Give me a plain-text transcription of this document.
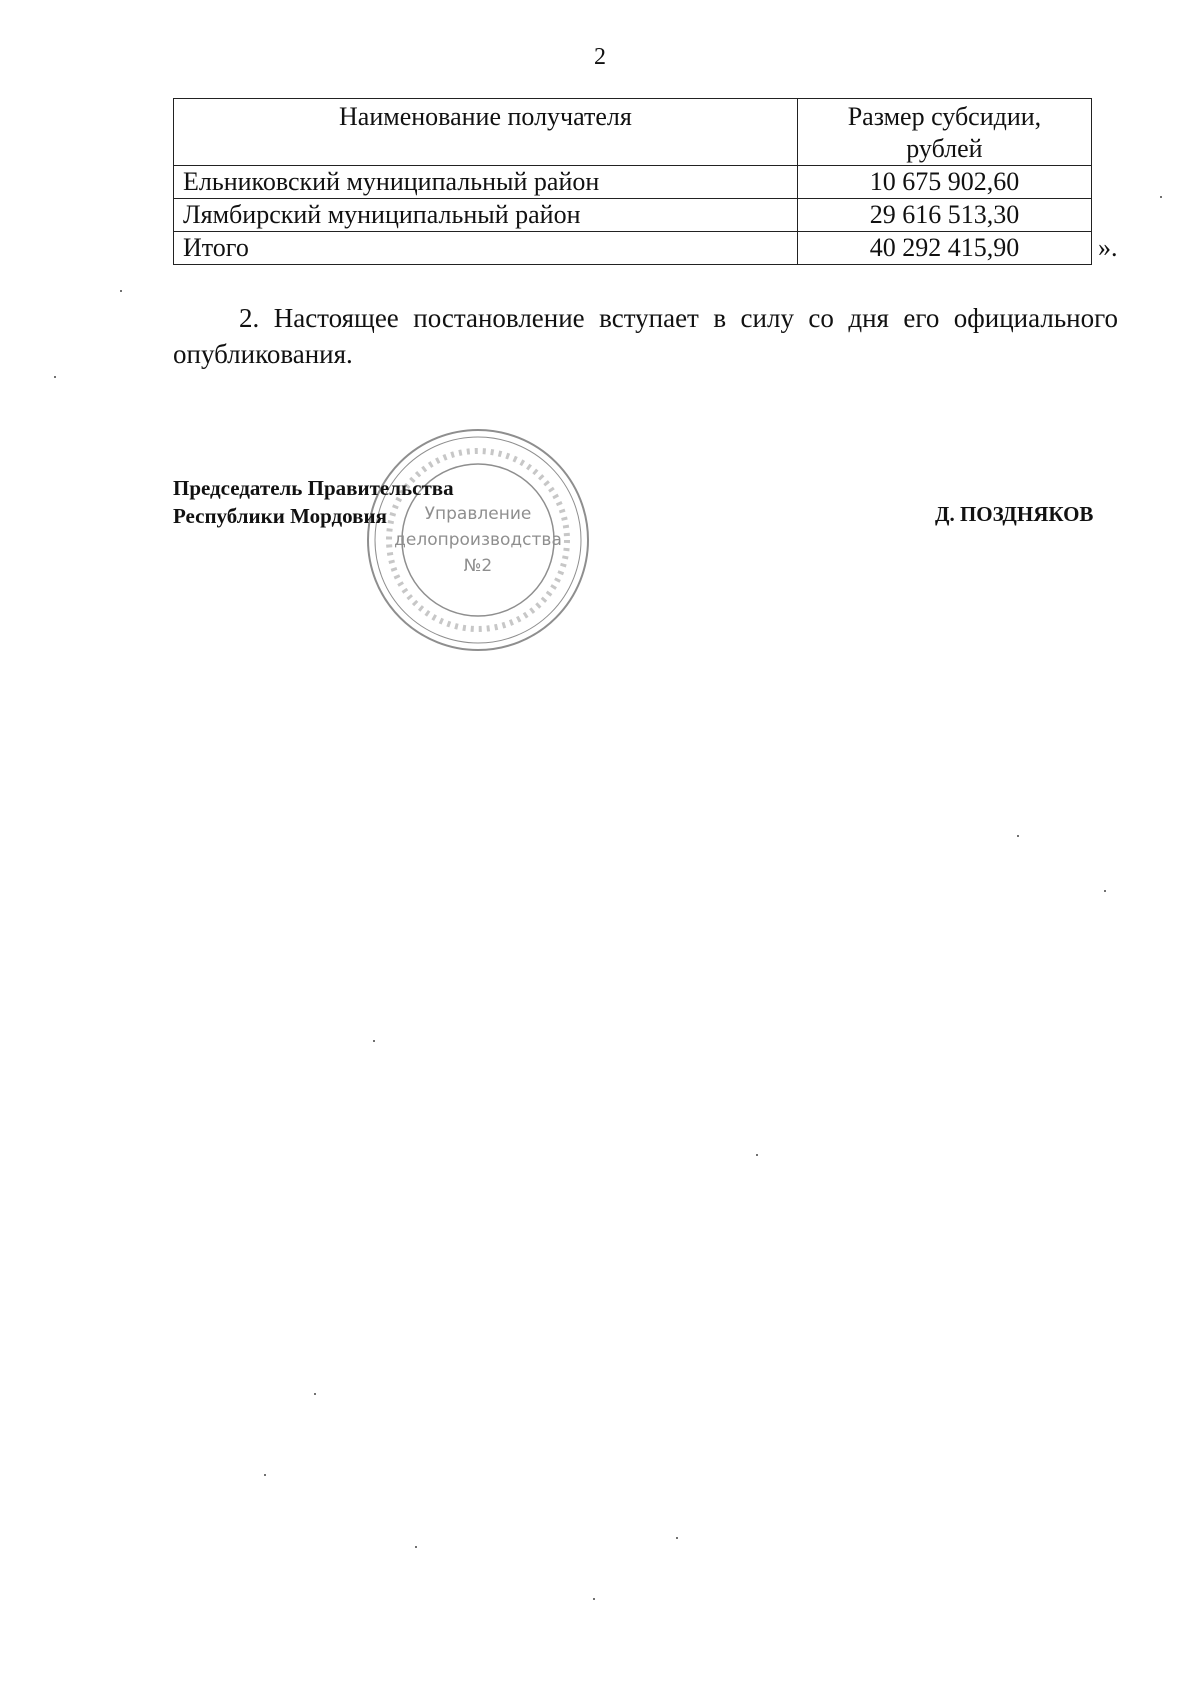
2
Наименование получателя	Размер субсидии, рублей
Ельниковский муниципальный район	10 675 902,60
Лямбирский муниципальный район	29 616 513,30
Итого	40 292 415,90	».

2. Настоящее постановление вступает в силу со дня его официального опубликования.

Управление
делопроизводства
№2
Председатель Правительства
Республики Мордовия	Д. ПОЗДНЯКОВ
